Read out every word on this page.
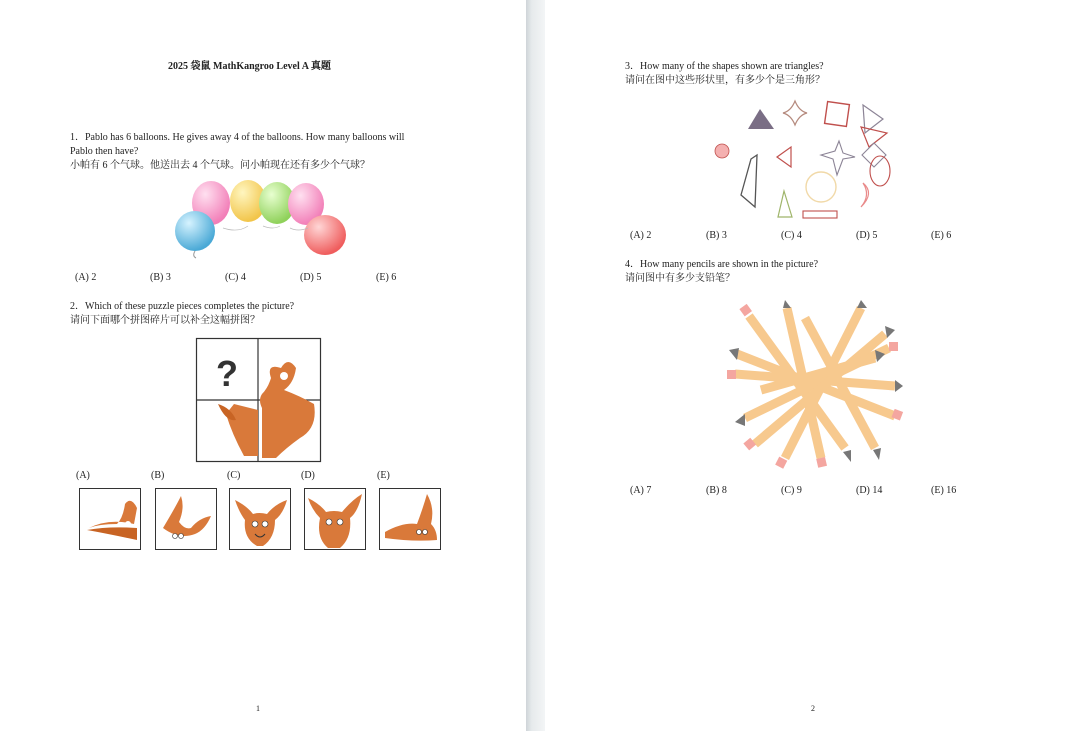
2025 袋鼠 MathKangroo Level A 真题
1．Pablo has 6 balloons. He gives away 4 of the balloons. How many balloons will
Pablo then have?
小帕有 6 个气球。他送出去 4 个气球。问小帕现在还有多少个气球？
(A) 2	(B) 3	(C) 4	(D) 5	(E) 6
2．Which of these puzzle pieces completes the picture?
请问下面哪个拼图碎片可以补全这幅拼图？
?
(A)	(B)	(C)	(D)	(E)
1
3．How many of the shapes shown are triangles?
请问在图中这些形状里，有多少个是三角形？
(A) 2	(B) 3	(C) 4	(D) 5	(E) 6
4．How many pencils are shown in the picture?
请问图中有多少支铅笔？
(A) 7	(B) 8	(C) 9	(D) 14	(E) 16
2
